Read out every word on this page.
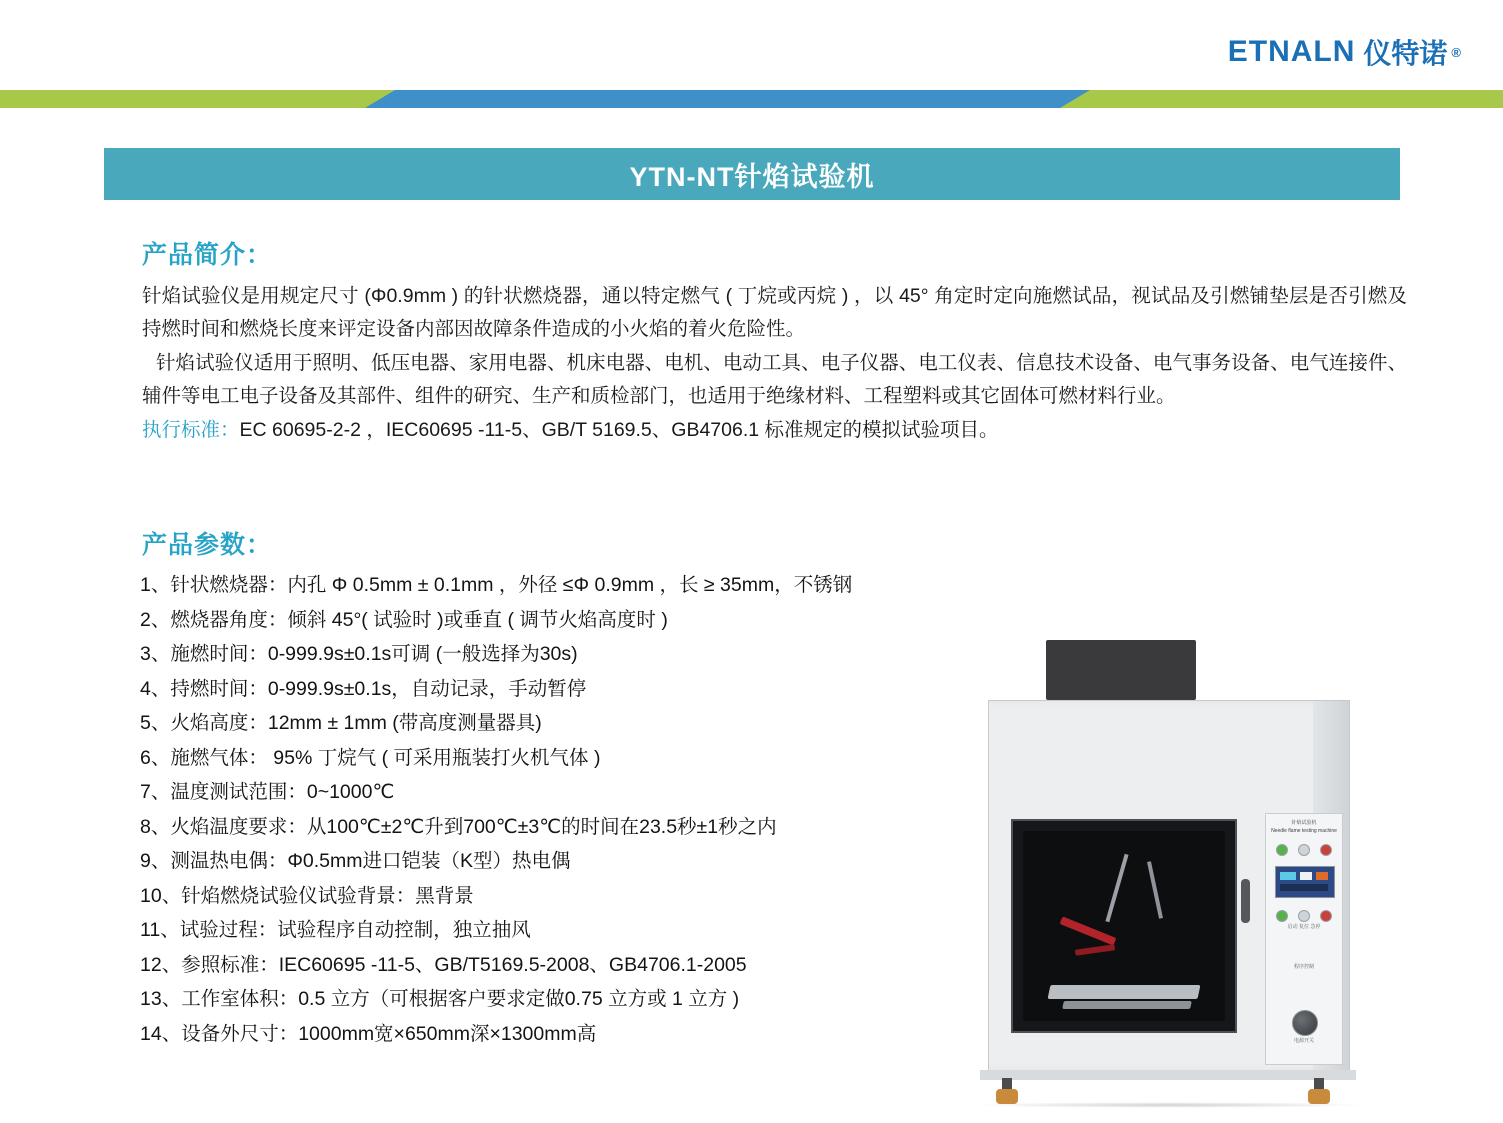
ETNALN 仪特诺 ®
YTN-NT针焰试验机
产品简介：

针焰试验仪是用规定尺寸 (Φ0.9mm ) 的针状燃烧器，通以特定燃气 ( 丁烷或丙烷 ) ，以 45° 角定时定向施燃试品，视试品及引燃铺垫层是否引燃及持燃时间和燃烧长度来评定设备内部因故障条件造成的小火焰的着火危险性。

针焰试验仪适用于照明、低压电器、家用电器、机床电器、电机、电动工具、电子仪器、电工仪表、信息技术设备、电气事务设备、电气连接件、辅件等电工电子设备及其部件、组件的研究、生产和质检部门，也适用于绝缘材料、工程塑料或其它固体可燃材料行业。

执行标准：EC 60695-2-2 ，IEC60695 -11-5、GB/T 5169.5、GB4706.1 标准规定的模拟试验项目。

产品参数：
1、针状燃烧器：内孔 Φ 0.5mm ± 0.1mm ，外径 ≤Φ 0.9mm ，长 ≥ 35mm，不锈钢
2、燃烧器角度：倾斜 45°( 试验时 )或垂直 ( 调节火焰高度时 )
3、施燃时间：0-999.9s±0.1s可调 (一般选择为30s)
4、持燃时间：0-999.9s±0.1s，自动记录，手动暂停
5、火焰高度：12mm ± 1mm (带高度测量器具)
6、施燃气体： 95% 丁烷气 ( 可采用瓶装打火机气体 )
7、温度测试范围：0~1000℃
8、火焰温度要求：从100℃±2℃升到700℃±3℃的时间在23.5秒±1秒之内
9、测温热电偶：Φ0.5mm进口铠装（K型）热电偶
10、针焰燃烧试验仪试验背景：黑背景
11、试验过程：试验程序自动控制，独立抽风
12、参照标准：IEC60695 -11-5、GB/T5169.5-2008、GB4706.1-2005
13、工作室体积：0.5 立方（可根据客户要求定做0.75 立方或 1 立方 )
14、设备外尺寸：1000mm宽×650mm深×1300mm高
针焰试验机
Needle flame testing machine
启动 复位 急停
程序控制
电源开关
